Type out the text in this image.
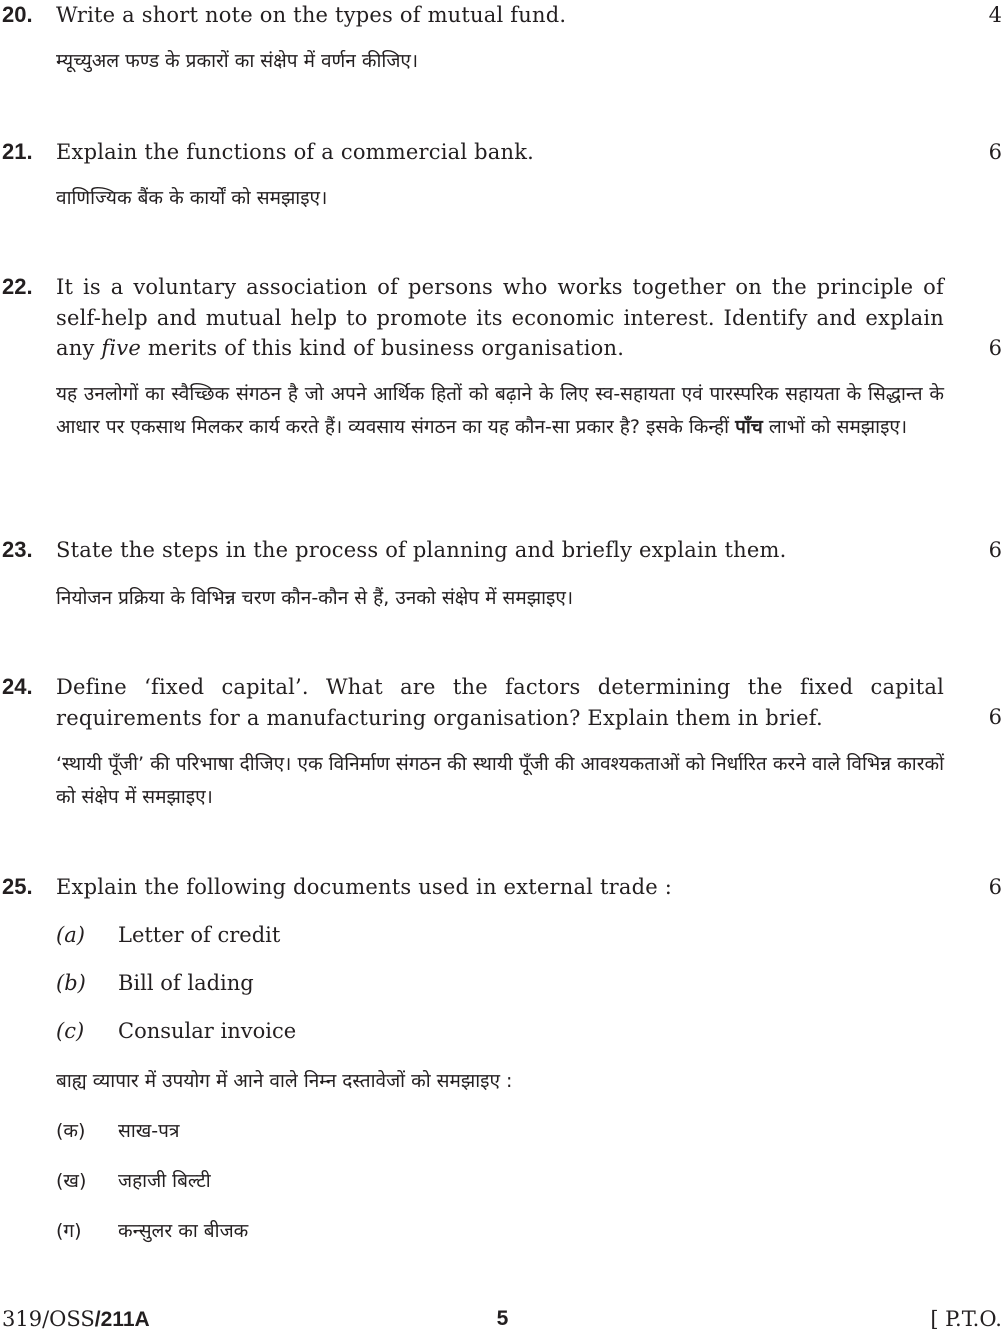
20. Write a short note on the types of mutual fund.	4
म्यूच्युअल फण्ड के प्रकारों का संक्षेप में वर्णन कीजिए।
21. Explain the functions of a commercial bank.	6
वाणिज्यिक बैंक के कार्यों को समझाइए।
22. It is a voluntary association of persons who works together on the principle of self-help and mutual help to promote its economic interest. Identify and explain any five merits of this kind of business organisation.	6
यह उनलोगों का स्वैच्छिक संगठन है जो अपने आर्थिक हितों को बढ़ाने के लिए स्व-सहायता एवं पारस्परिक सहायता के सिद्धान्त के आधार पर एकसाथ मिलकर कार्य करते हैं। व्यवसाय संगठन का यह कौन-सा प्रकार है? इसके किन्हीं पाँच लाभों को समझाइए।
23. State the steps in the process of planning and briefly explain them.	6
नियोजन प्रक्रिया के विभिन्न चरण कौन-कौन से हैं, उनको संक्षेप में समझाइए।
24. Define ‘fixed capital’. What are the factors determining the fixed capital requirements for a manufacturing organisation? Explain them in brief.	6
‘स्थायी पूँजी’ की परिभाषा दीजिए। एक विनिर्माण संगठन की स्थायी पूँजी की आवश्यकताओं को निर्धारित करने वाले विभिन्न कारकों को संक्षेप में समझाइए।
25. Explain the following documents used in external trade :	6
(a) Letter of credit
(b) Bill of lading
(c) Consular invoice
बाह्य व्यापार में उपयोग में आने वाले निम्न दस्तावेजों को समझाइए :
(क) साख-पत्र
(ख) जहाजी बिल्टी
(ग) कन्सुलर का बीजक
319/OSS/211A	5	[ P.T.O.
